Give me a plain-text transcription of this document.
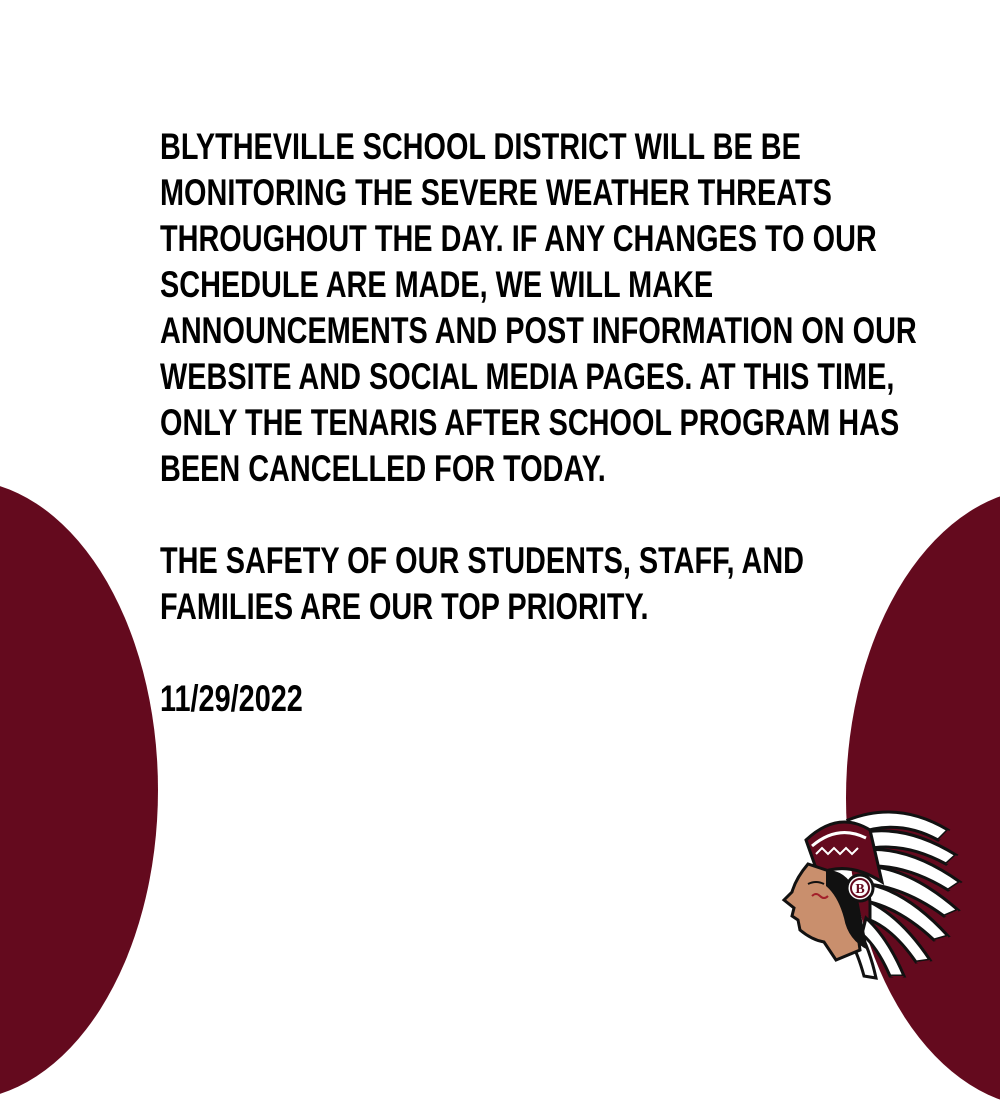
BLYTHEVILLE SCHOOL DISTRICT WILL BE BE
MONITORING THE SEVERE WEATHER THREATS
THROUGHOUT THE DAY. IF ANY CHANGES TO OUR
SCHEDULE ARE MADE, WE WILL MAKE
ANNOUNCEMENTS AND POST INFORMATION ON OUR
WEBSITE AND SOCIAL MEDIA PAGES. AT THIS TIME,
ONLY THE TENARIS AFTER SCHOOL PROGRAM HAS
BEEN CANCELLED FOR TODAY.

THE SAFETY OF OUR STUDENTS, STAFF, AND
FAMILIES ARE OUR TOP PRIORITY.

11/29/2022
B
